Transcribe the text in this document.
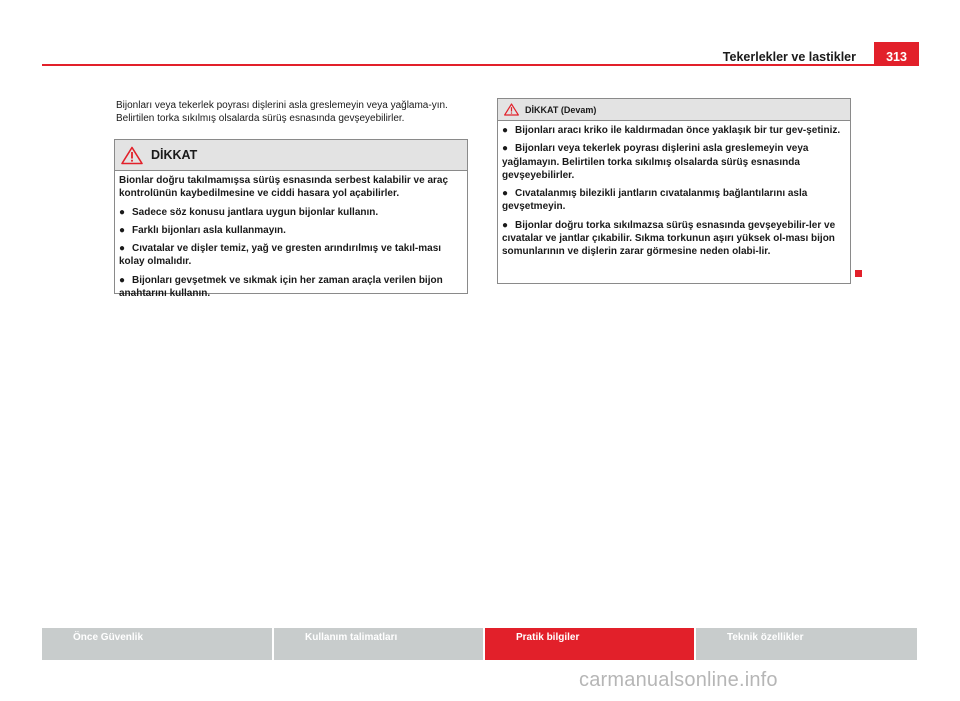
Tekerlekler ve lastikler	313
Bijonları veya tekerlek poyrası dişlerini asla greslemeyin veya yağlama-yın. Belirtilen torka sıkılmış olsalarda sürüş esnasında gevşeyebilirler.
DİKKAT

Bionlar doğru takılmamışsa sürüş esnasında serbest kalabilir ve araç kontrolünün kaybedilmesine ve ciddi hasara yol açabilirler.

● Sadece söz konusu jantlara uygun bijonlar kullanın.

● Farklı bijonları asla kullanmayın.

● Cıvatalar ve dişler temiz, yağ ve gresten arındırılmış ve takıl-ması kolay olmalıdır.

● Bijonları gevşetmek ve sıkmak için her zaman araçla verilen bijon anahtarını kullanın.

DİKKAT (Devam)

● Bijonları aracı kriko ile kaldırmadan önce yaklaşık bir tur gev-şetiniz.

● Bijonları veya tekerlek poyrası dişlerini asla greslemeyin veya yağlamayın. Belirtilen torka sıkılmış olsalarda sürüş esnasında gevşeyebilirler.

● Cıvatalanmış bilezikli jantların cıvatalanmış bağlantılarını asla gevşetmeyin.

● Bijonlar doğru torka sıkılmazsa sürüş esnasında gevşeyebilir-ler ve cıvatalar ve jantlar çıkabilir. Sıkma torkunun aşırı yüksek ol-ması bijon somunlarının ve dişlerin zarar görmesine neden olabi-lir.

Önce Güvenlik	Kullanım talimatları	Pratik bilgiler	Teknik özellikler
carmanualsonline.info
